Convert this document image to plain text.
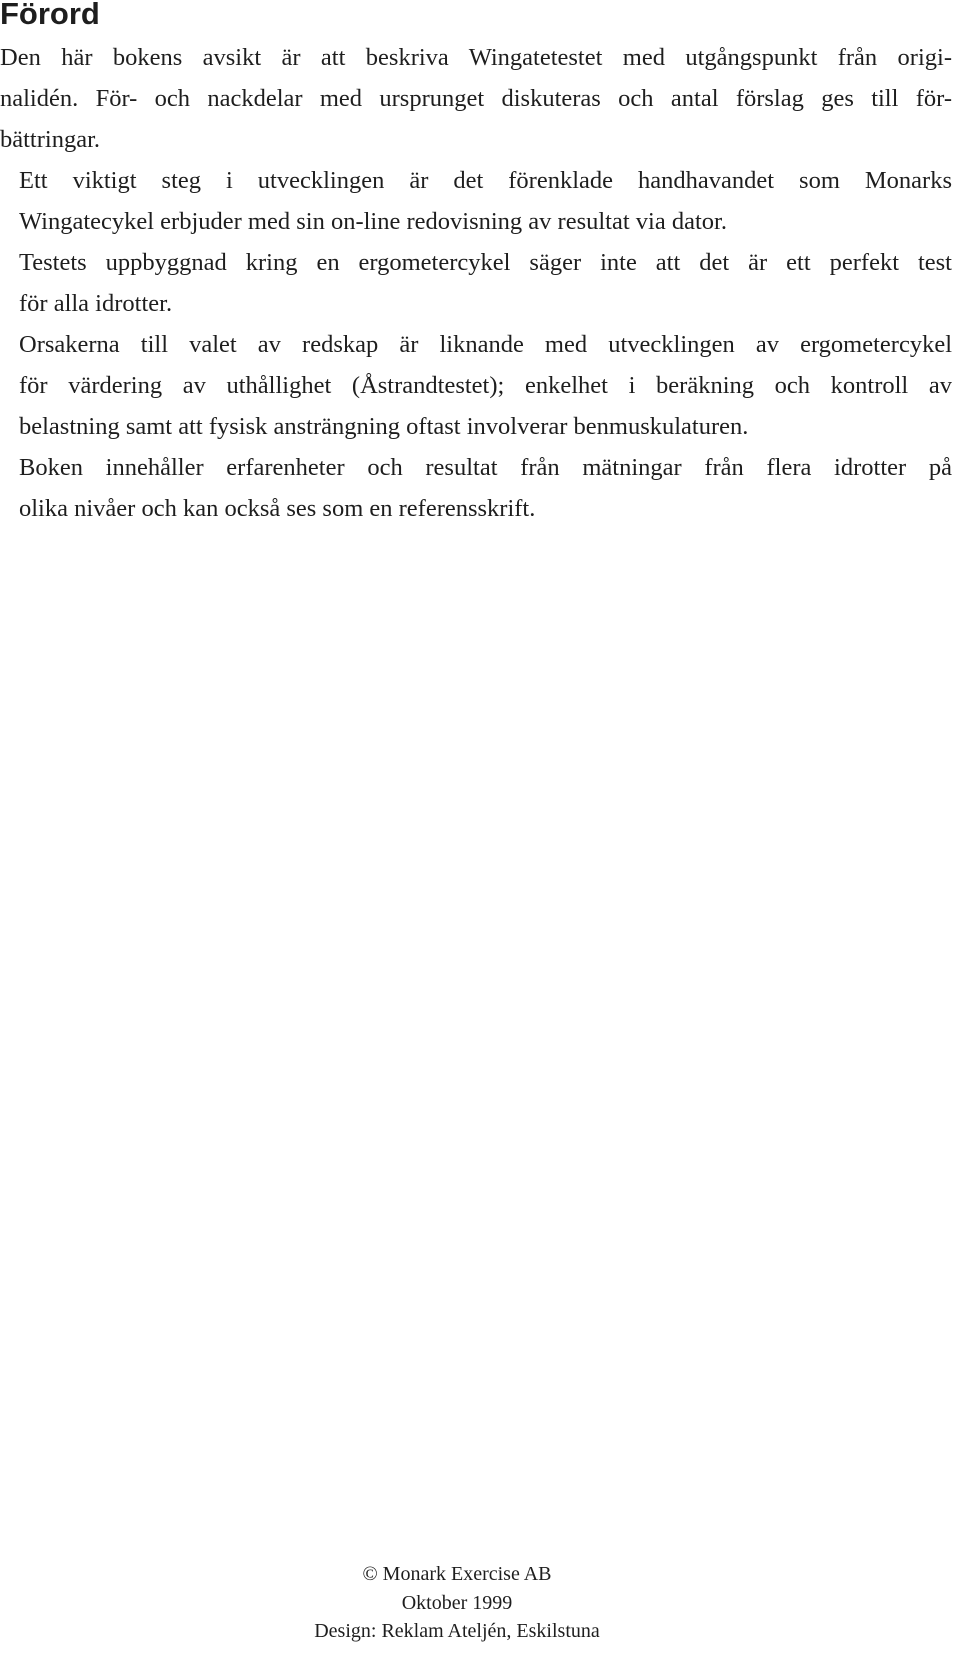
Förord

Den här bokens avsikt är att beskriva Wingatetestet med utgångspunkt från origi-
nalidén. För- och nackdelar med ursprunget diskuteras och antal förslag ges till för-
bättringar.

Ett viktigt steg i utvecklingen är det förenklade handhavandet som Monarks
Wingatecykel erbjuder med sin on-line redovisning av resultat via dator.

Testets uppbyggnad kring en ergometercykel säger inte att det är ett perfekt test
för alla idrotter.

Orsakerna till valet av redskap är liknande med utvecklingen av ergometercykel
för värdering av uthållighet (Åstrandtestet); enkelhet i beräkning och kontroll av
belastning samt att fysisk ansträngning oftast involverar benmuskulaturen.

Boken innehåller erfarenheter och resultat från mätningar från flera idrotter på
olika nivåer och kan också ses som en referensskrift.

© Monark Exercise AB
Oktober 1999
Design: Reklam Ateljén, Eskilstuna
